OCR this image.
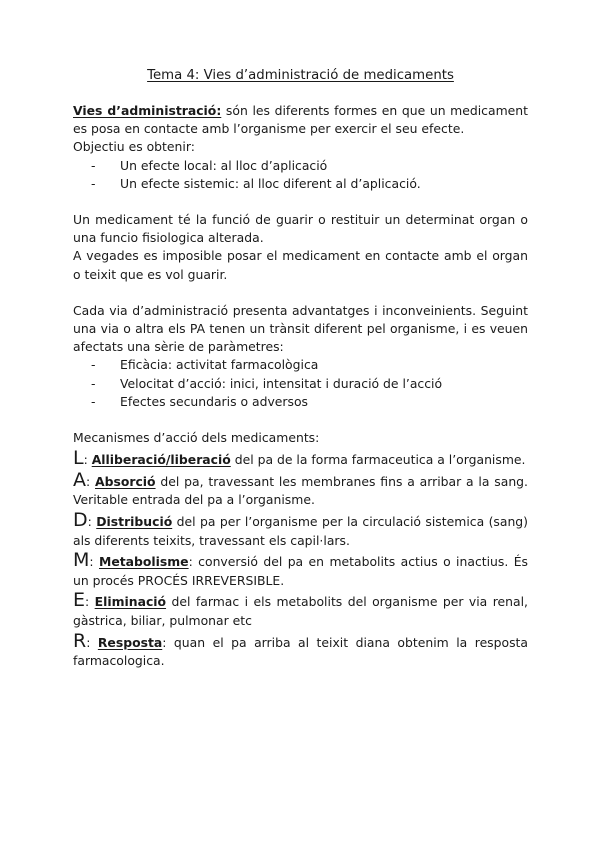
Tema 4: Vies d’administració de medicaments

Vies d’administració: són les diferents formes en que un medicament es posa en contacte amb l’organisme per exercir el seu efecte.

Objectiu es obtenir:

- Un efecte local: al lloc d’aplicació
- Un efecte sistemic: al lloc diferent al d’aplicació.

Un medicament té la funció de guarir o restituir un determinat organ o una funcio fisiologica alterada.

A vegades es imposible posar el medicament en contacte amb el organ o teixit que es vol guarir.

Cada via d’administració presenta advantatges i inconveinients. Seguint una via o altra els PA tenen un trànsit diferent pel organisme, i es veuen afectats una sèrie de paràmetres:

- Eficàcia: activitat farmacològica
- Velocitat d’acció: inici, intensitat i duració de l’acció
- Efectes secundaris o adversos

Mecanismes d’acció dels medicaments:

L: Alliberació/liberació del pa de la forma farmaceutica a l’organisme.

A: Absorció del pa, travessant les membranes fins a arribar a la sang. Veritable entrada del pa a l’organisme.

D: Distribució del pa per l’organisme per la circulació sistemica (sang) als diferents teixits, travessant els capil·lars.

M: Metabolisme: conversió del pa en metabolits actius o inactius. És un procés PROCÉS IRREVERSIBLE.

E: Eliminació del farmac i els metabolits del organisme per via renal, gàstrica, biliar, pulmonar etc

R: Resposta: quan el pa arriba al teixit diana obtenim la resposta farmacologica.
